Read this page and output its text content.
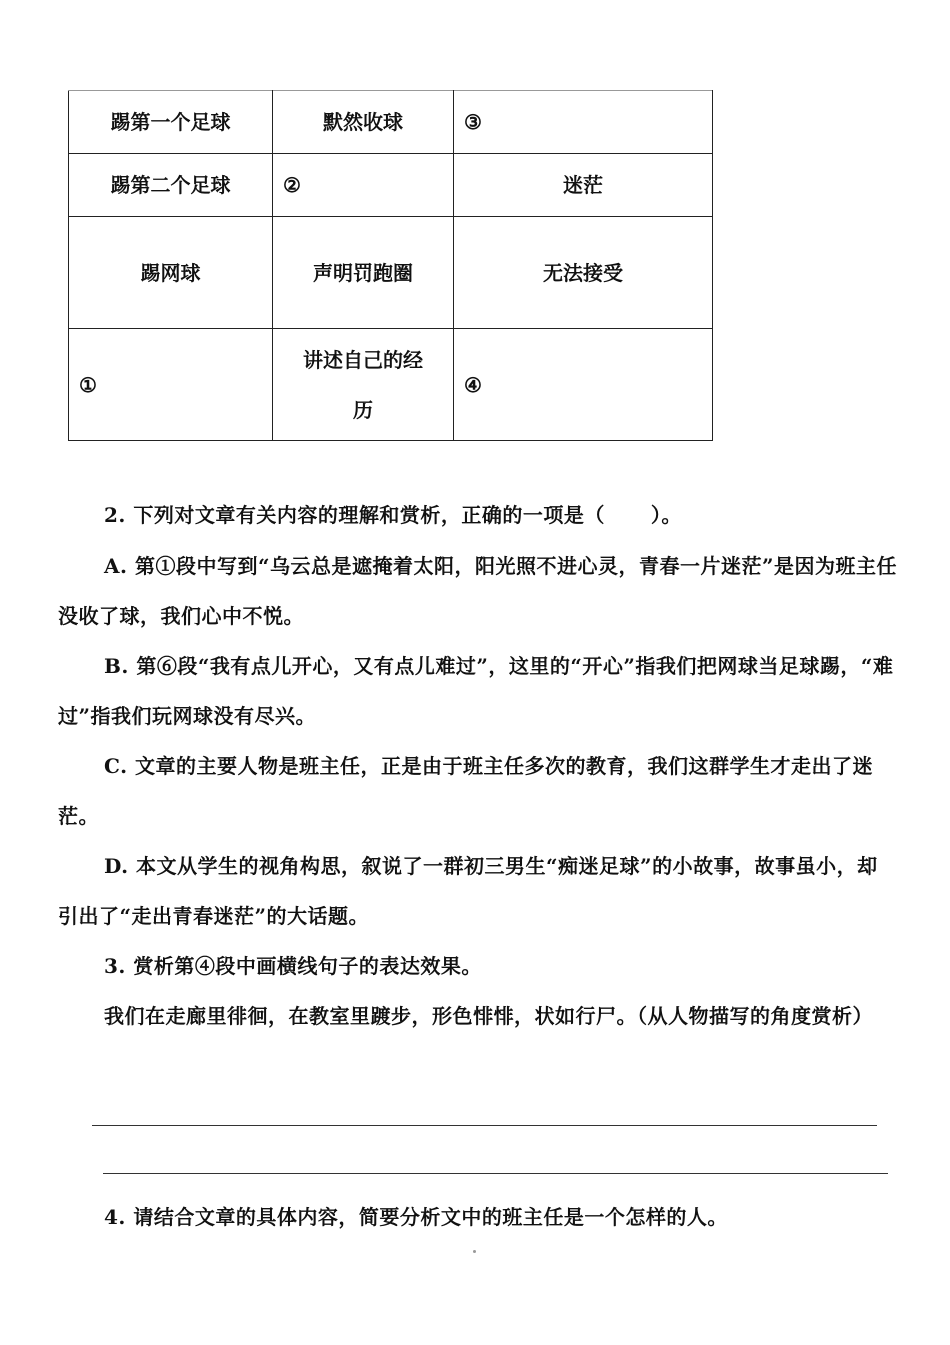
踢第一个足球	默然收球	③
踢第二个足球	②	迷茫
踢网球	声明罚跑圈	无法接受
①	讲述自己的经历	④
2. 下列对文章有关内容的理解和赏析，正确的一项是（ ）。
A. 第①段中写到“乌云总是遮掩着太阳，阳光照不进心灵，青春一片迷茫”是因为班主任没收了球，我们心中不悦。
B. 第⑥段“我有点儿开心，又有点儿难过”，这里的“开心”指我们把网球当足球踢，“难过”指我们玩网球没有尽兴。
C. 文章的主要人物是班主任，正是由于班主任多次的教育，我们这群学生才走出了迷茫。
D. 本文从学生的视角构思，叙说了一群初三男生“痴迷足球”的小故事，故事虽小，却引出了“走出青春迷茫”的大话题。
3. 赏析第④段中画横线句子的表达效果。
我们在走廊里徘徊，在教室里踱步，形色悱悱，状如行尸。（从人物描写的角度赏析）
4. 请结合文章的具体内容，简要分析文中的班主任是一个怎样的人。
